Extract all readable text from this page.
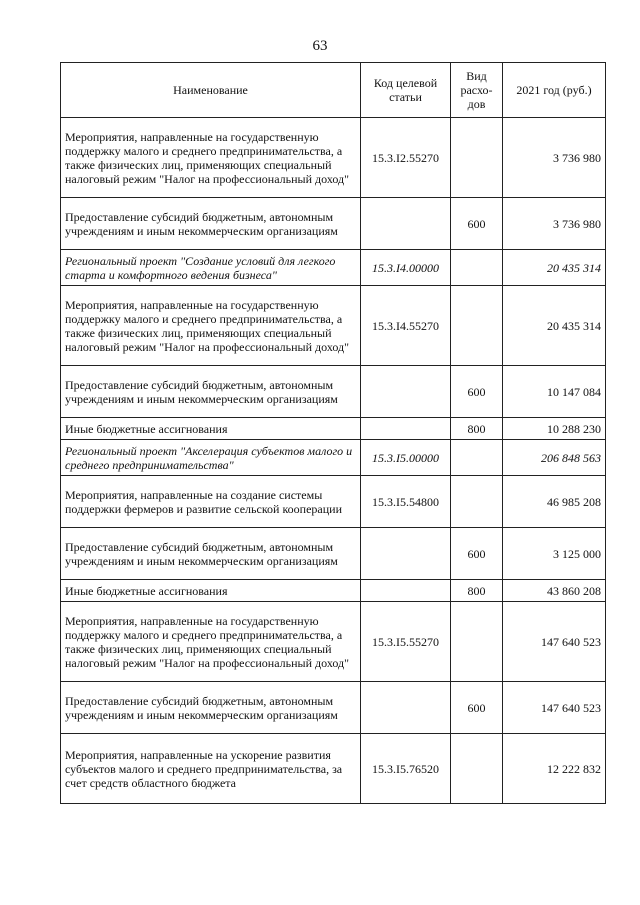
63
Наименование	Код целевой статьи	Вид расхо- дов	2021 год (руб.)
Мероприятия, направленные на государственную поддержку малого и среднего предпринимательства, а также физических лиц, применяющих специальный налоговый режим "Налог на профессиональный доход"	15.3.I2.55270		3 736 980
Предоставление субсидий бюджетным, автономным учреждениям и иным некоммерческим организациям		600	3 736 980
Региональный проект "Создание условий для легкого старта и комфортного ведения бизнеса"	15.3.I4.00000		20 435 314
Мероприятия, направленные на государственную поддержку малого и среднего предпринимательства, а также физических лиц, применяющих специальный налоговый режим "Налог на профессиональный доход"	15.3.I4.55270		20 435 314
Предоставление субсидий бюджетным, автономным учреждениям и иным некоммерческим организациям		600	10 147 084
Иные бюджетные ассигнования		800	10 288 230
Региональный проект "Акселерация субъектов малого и среднего предпринимательства"	15.3.I5.00000		206 848 563
Мероприятия, направленные на создание системы поддержки фермеров и развитие сельской кооперации	15.3.I5.54800		46 985 208
Предоставление субсидий бюджетным, автономным учреждениям и иным некоммерческим организациям		600	3 125 000
Иные бюджетные ассигнования		800	43 860 208
Мероприятия, направленные на государственную поддержку малого и среднего предпринимательства, а также физических лиц, применяющих специальный налоговый режим "Налог на профессиональный доход"	15.3.I5.55270		147 640 523
Предоставление субсидий бюджетным, автономным учреждениям и иным некоммерческим организациям		600	147 640 523
Мероприятия, направленные на ускорение развития субъектов малого и среднего предпринимательства, за счет средств областного бюджета	15.3.I5.76520		12 222 832
